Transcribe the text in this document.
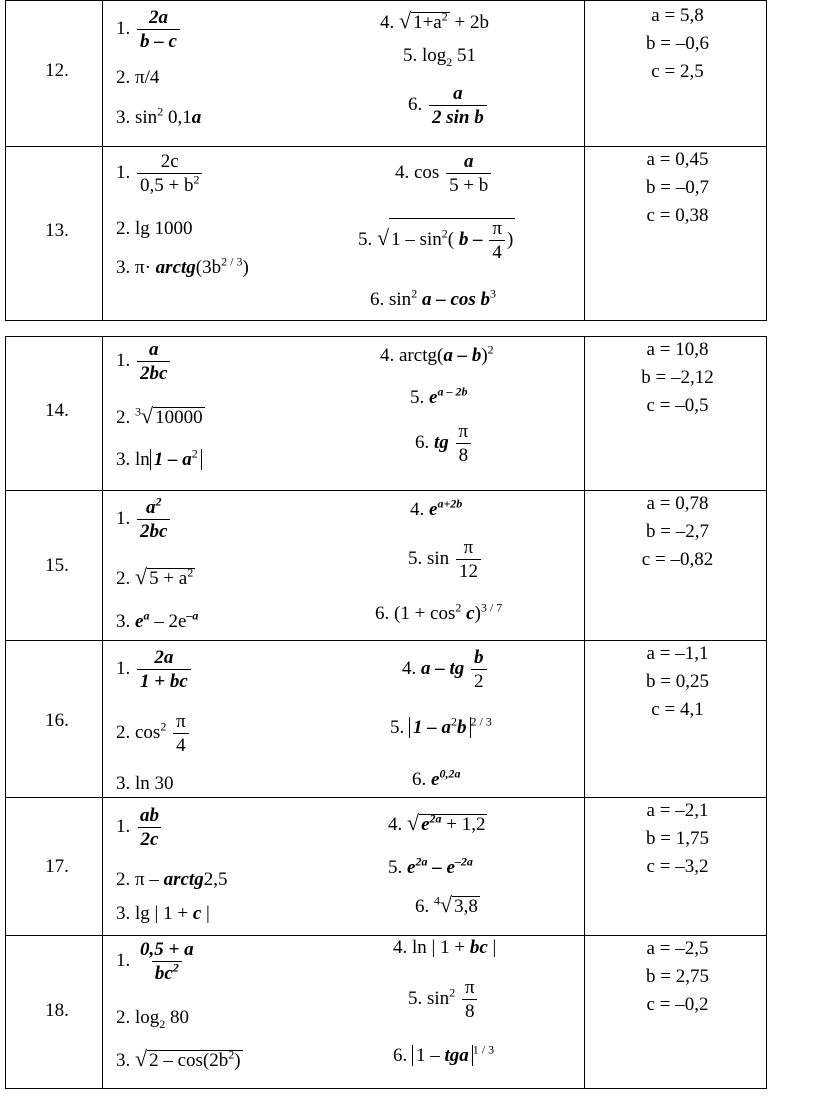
12.
1. $\frac{2a}{b - c}$
2. π/4
3. $\sin^2 0,1a$
4. √ $1+a^2 + 2b$
5. $\log_2 51$
6. $\frac{a}{\text{2 sin b}}$
a = 5,8
b = –0,6
c = 2,5
13.
1. $\frac{2c}{0,5 + b^2}$
2. lg 1000
3. $\pi\cdot arctg(3b^{2 / 3})$
4. $\cos \frac{a}{5 + b}$
5. √ $1 - \sin^2$( b – $\frac{\pi}{4}$ )
6. $\sin^2 a$ – $\cos b^3$
a = 0,45
b = –0,7
c = 0,38
14.
1. $\frac{a}{2bc}$
2. $^3$√ 10000
3. $\ln 1 - a^2$
4. arctg(a – b)$^2$
5. $e^{a - 2b}$
6. tg $\frac{\pi}{8}$
a = 10,8
b = –2,12
c = –0,5
15.
1. $\frac{a^2}{2bc}$
2. √ $5 + a^2$
3. $e^a - 2e^{-a}$
4. $e^{a+2b}$
5. $\sin \frac{\pi}{12}$
6. $(1 + \cos^2 c)^{3 / 7}$
a = 0,78
b = –2,7
c = –0,82
16.
1. $\frac{2a}{1 + bc}$
2. $\cos^2 \frac{\pi}{4}$
3. ln 30
4. a – tg $\frac{b}{2}$
5. $1 - a^2b$ $^{2 / 3}$
6. $e^{0,2a}$
a = –1,1
b = 0,25
c = 4,1
17.
1. $\frac{ab}{2c}$
2. π – arctg2,5
3. lg | 1 + c |
4. √ $e^{2a} + 1,2$
5. $e^{2a} - e^{-2a}$
6. $^4$√ 3,8
a = –2,1
b = 1,75
c = –3,2
18.
1. $\frac{0,5 + a}{bc^2}$
2. $\log_2 80$
3. √ $2 - \cos(2b^2)$
4. ln | 1 + bc |
5. $\sin^2 \frac{\pi}{8}$
6. 1 – tga $^{1 / 3}$
a = –2,5
b = 2,75
c = –0,2
